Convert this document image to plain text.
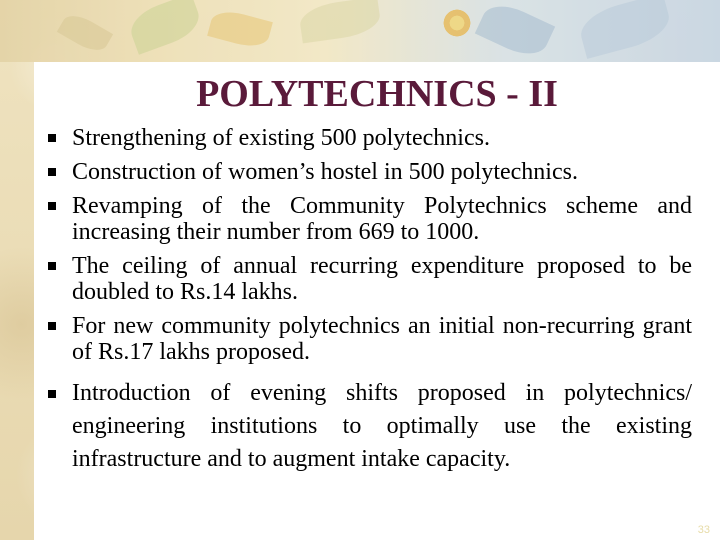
POLYTECHNICS - II
Strengthening of existing 500 polytechnics.
Construction of women’s hostel in 500 polytechnics.
Revamping of the Community Polytechnics scheme and increasing their number from 669 to 1000.
The ceiling of annual recurring expenditure proposed to be doubled to Rs.14 lakhs.
For new community polytechnics an initial non-recurring grant of Rs.17 lakhs proposed.
Introduction of evening shifts proposed in polytechnics/ engineering institutions to optimally use the existing infrastructure and to augment intake capacity.
33
